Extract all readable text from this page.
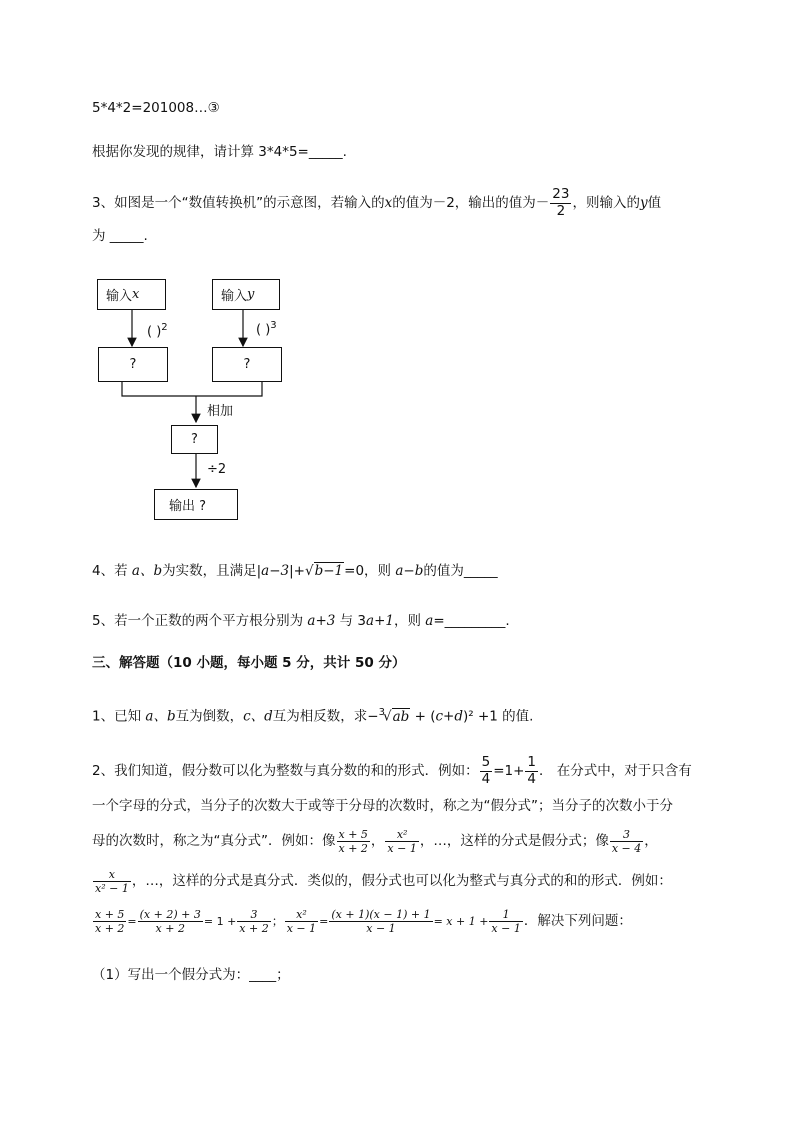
5*4*2=201008…③
根据你发现的规律，请计算 3*4*5=_____.
3、如图是一个“数值转换机”的示意图，若输入的x的值为－2，输出的值为－ $\frac{23}{2}$ ，则输入的y值
为 _____.
输入 x	输入 y
( )$^2$	( )$^3$
?	?
相加
?
÷2
输出 ?
4、若 a、b为实数，且满足|a−3|+√b−1=0，则 a−b的值为_____
5、若一个正数的两个平方根分别为 a+3 与 3a+1，则 a=_________.
三、解答题（10 小题，每小题 5 分，共计 50 分）
1、已知 a、b互为倒数，c、d互为相反数，求−$^3$√ab + (c+d)² +1 的值.
2、我们知道，假分数可以化为整数与真分数的和的形式．例如： $\frac{5}{4} =1+ \frac{1}{4}$ ． 在分式中，对于只含有
一个字母的分式，当分子的次数大于或等于分母的次数时，称之为“假分式”；当分子的次数小于分
母的次数时，称之为“真分式”．例如：像 $\frac{x + 5}{x + 2}$ ， $\frac{\text{x²}}{x - 1}$ ，…，这样的分式是假分式；像 $\frac{3}{x - 4}$ ，
$\frac{x}{\text{x² − 1}}$ ，…，这样的分式是真分式．类似的，假分式也可以化为整式与真分式的和的形式．例如：
$\frac{x + 5}{x + 2} = \frac{(x + 2) + 3}{x + 2} = 1 + \frac{3}{x + 2}$ ； $\frac{\text{x²}}{x - 1} = \frac{(x + 1)(x - 1) + 1}{x - 1} = x + 1 + \frac{1}{x - 1}$ ．解决下列问题：
（1）写出一个假分式为：____；
